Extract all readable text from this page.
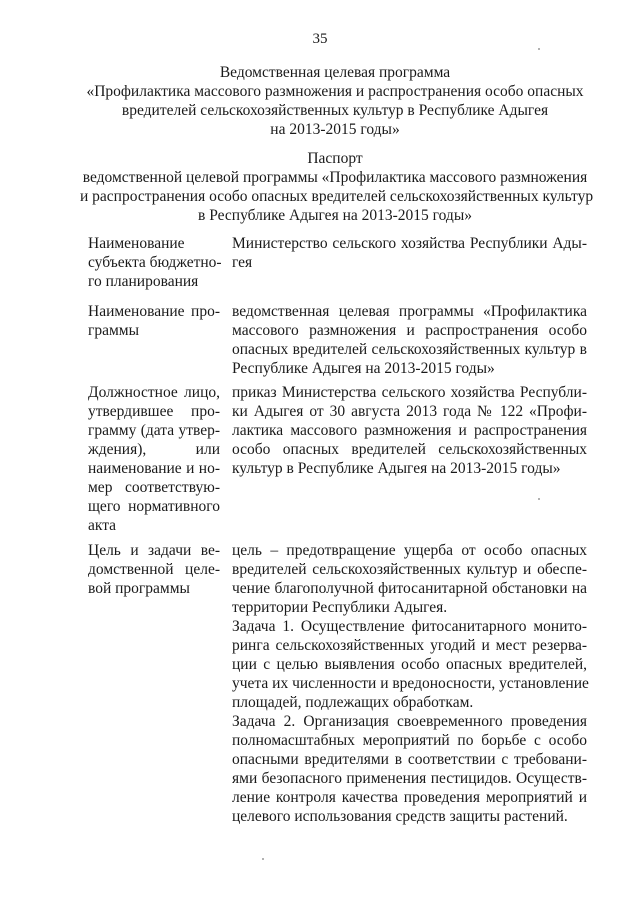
35
Ведомственная целевая программа
«Профилактика массового размножения и распространения особо опасных
вредителей сельскохозяйственных культур в Республике Адыгея
на 2013-2015 годы»
Паспорт
ведомственной целевой программы «Профилактика массового размножения
и распространения особо опасных вредителей сельскохозяйственных культур
в Республике Адыгея на 2013-2015 годы»
Наименование
субъекта бюджетно-
го планирования
Министерство сельского хозяйства Республики Ады-
гея
Наименование про-
граммы
ведомственная целевая программы «Профилактика
массового размножения и распространения особо
опасных вредителей сельскохозяйственных культур в
Республике Адыгея на 2013-2015 годы»
Должностное лицо,
утвердившее про-
грамму (дата утвер-
ждения), или
наименование и но-
мер соответствую-
щего нормативного
акта
приказ Министерства сельского хозяйства Республи-
ки Адыгея от 30 августа 2013 года № 122 «Профи-
лактика массового размножения и распространения
особо опасных вредителей сельскохозяйственных
культур в Республике Адыгея на 2013-2015 годы»
Цель и задачи ве-
домственной целе-
вой программы
цель – предотвращение ущерба от особо опасных
вредителей сельскохозяйственных культур и обеспе-
чение благополучной фитосанитарной обстановки на
территории Республики Адыгея.
Задача 1. Осуществление фитосанитарного монито-
ринга сельскохозяйственных угодий и мест резерва-
ции с целью выявления особо опасных вредителей,
учета их численности и вредоносности, установление
площадей, подлежащих обработкам.
Задача 2. Организация своевременного проведения
полномасштабных мероприятий по борьбе с особо
опасными вредителями в соответствии с требовани-
ями безопасного применения пестицидов. Осуществ-
ление контроля качества проведения мероприятий и
целевого использования средств защиты растений.
